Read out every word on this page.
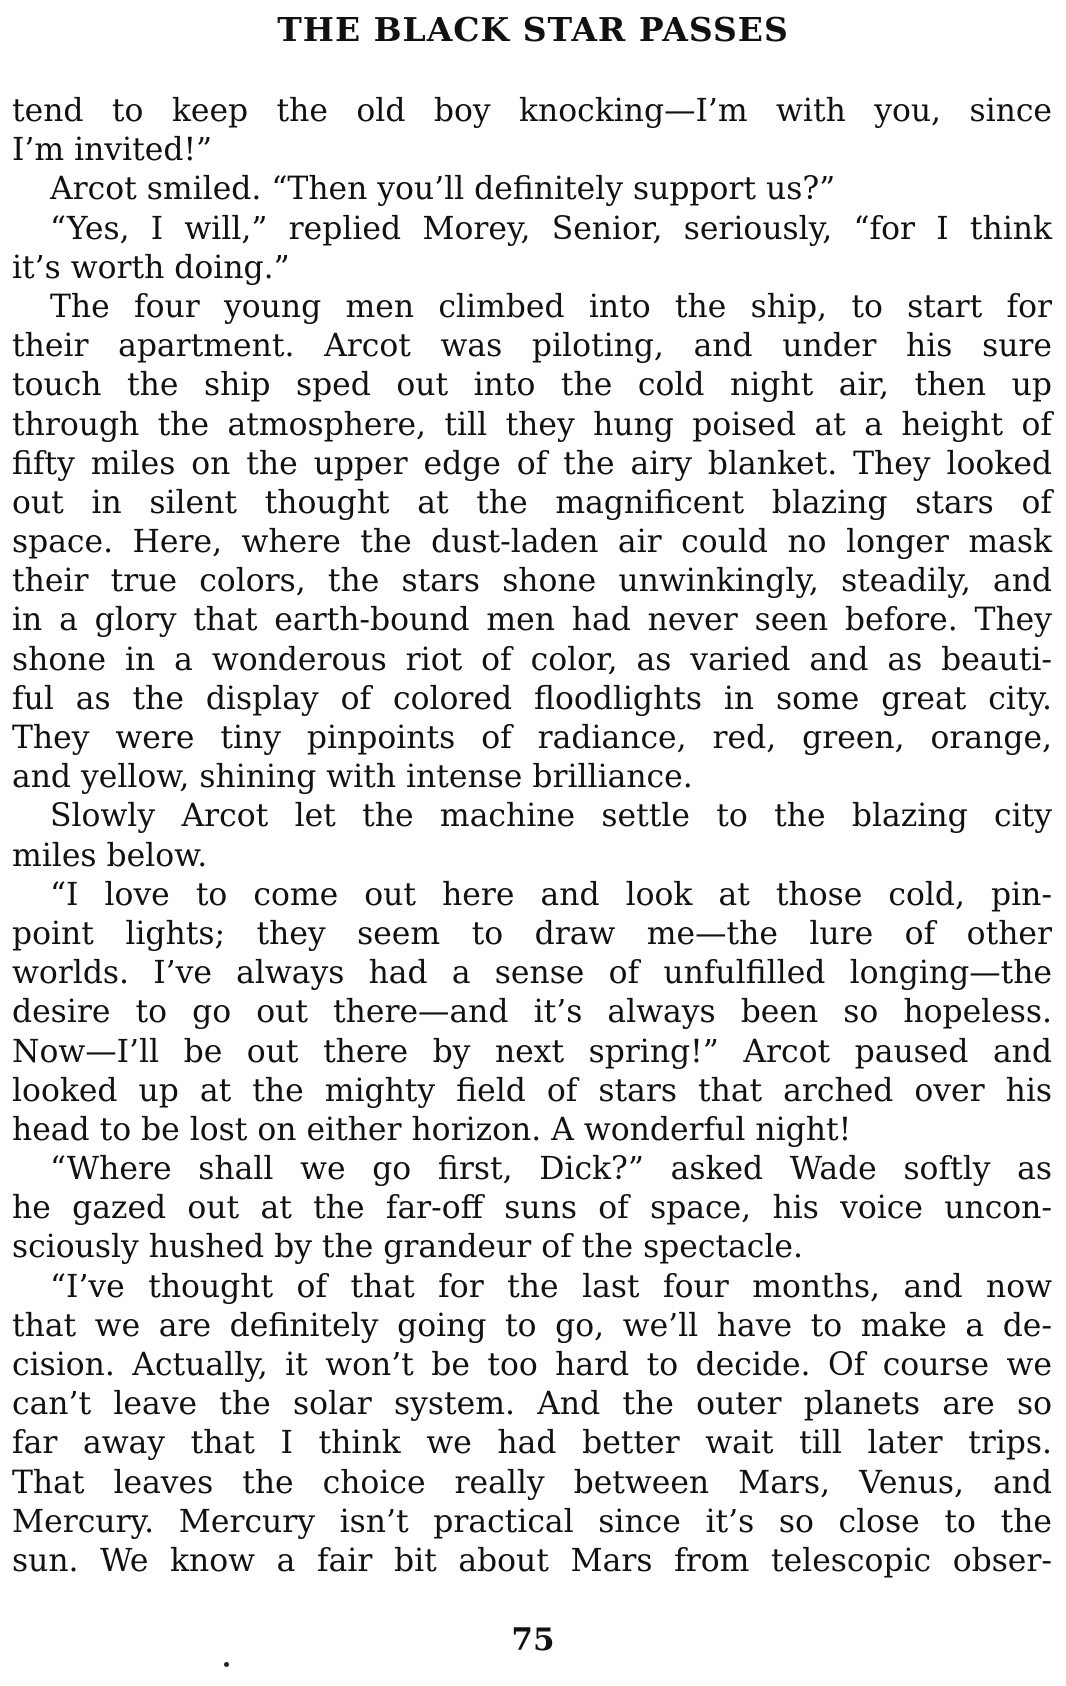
THE BLACK STAR PASSES
tend to keep the old boy knocking—I’m with you, since
I’m invited!”
Arcot smiled. “Then you’ll definitely support us?”
“Yes, I will,” replied Morey, Senior, seriously, “for I think
it’s worth doing.”
The four young men climbed into the ship, to start for
their apartment. Arcot was piloting, and under his sure
touch the ship sped out into the cold night air, then up
through the atmosphere, till they hung poised at a height of
fifty miles on the upper edge of the airy blanket. They looked
out in silent thought at the magnificent blazing stars of
space. Here, where the dust-laden air could no longer mask
their true colors, the stars shone unwinkingly, steadily, and
in a glory that earth-bound men had never seen before. They
shone in a wonderous riot of color, as varied and as beauti-
ful as the display of colored floodlights in some great city.
They were tiny pinpoints of radiance, red, green, orange,
and yellow, shining with intense brilliance.
Slowly Arcot let the machine settle to the blazing city
miles below.
“I love to come out here and look at those cold, pin-
point lights; they seem to draw me—the lure of other
worlds. I’ve always had a sense of unfulfilled longing—the
desire to go out there—and it’s always been so hopeless.
Now—I’ll be out there by next spring!” Arcot paused and
looked up at the mighty field of stars that arched over his
head to be lost on either horizon. A wonderful night!
“Where shall we go first, Dick?” asked Wade softly as
he gazed out at the far-off suns of space, his voice uncon-
sciously hushed by the grandeur of the spectacle.
“I’ve thought of that for the last four months, and now
that we are definitely going to go, we’ll have to make a de-
cision. Actually, it won’t be too hard to decide. Of course we
can’t leave the solar system. And the outer planets are so
far away that I think we had better wait till later trips.
That leaves the choice really between Mars, Venus, and
Mercury. Mercury isn’t practical since it’s so close to the
sun. We know a fair bit about Mars from telescopic obser-
75
